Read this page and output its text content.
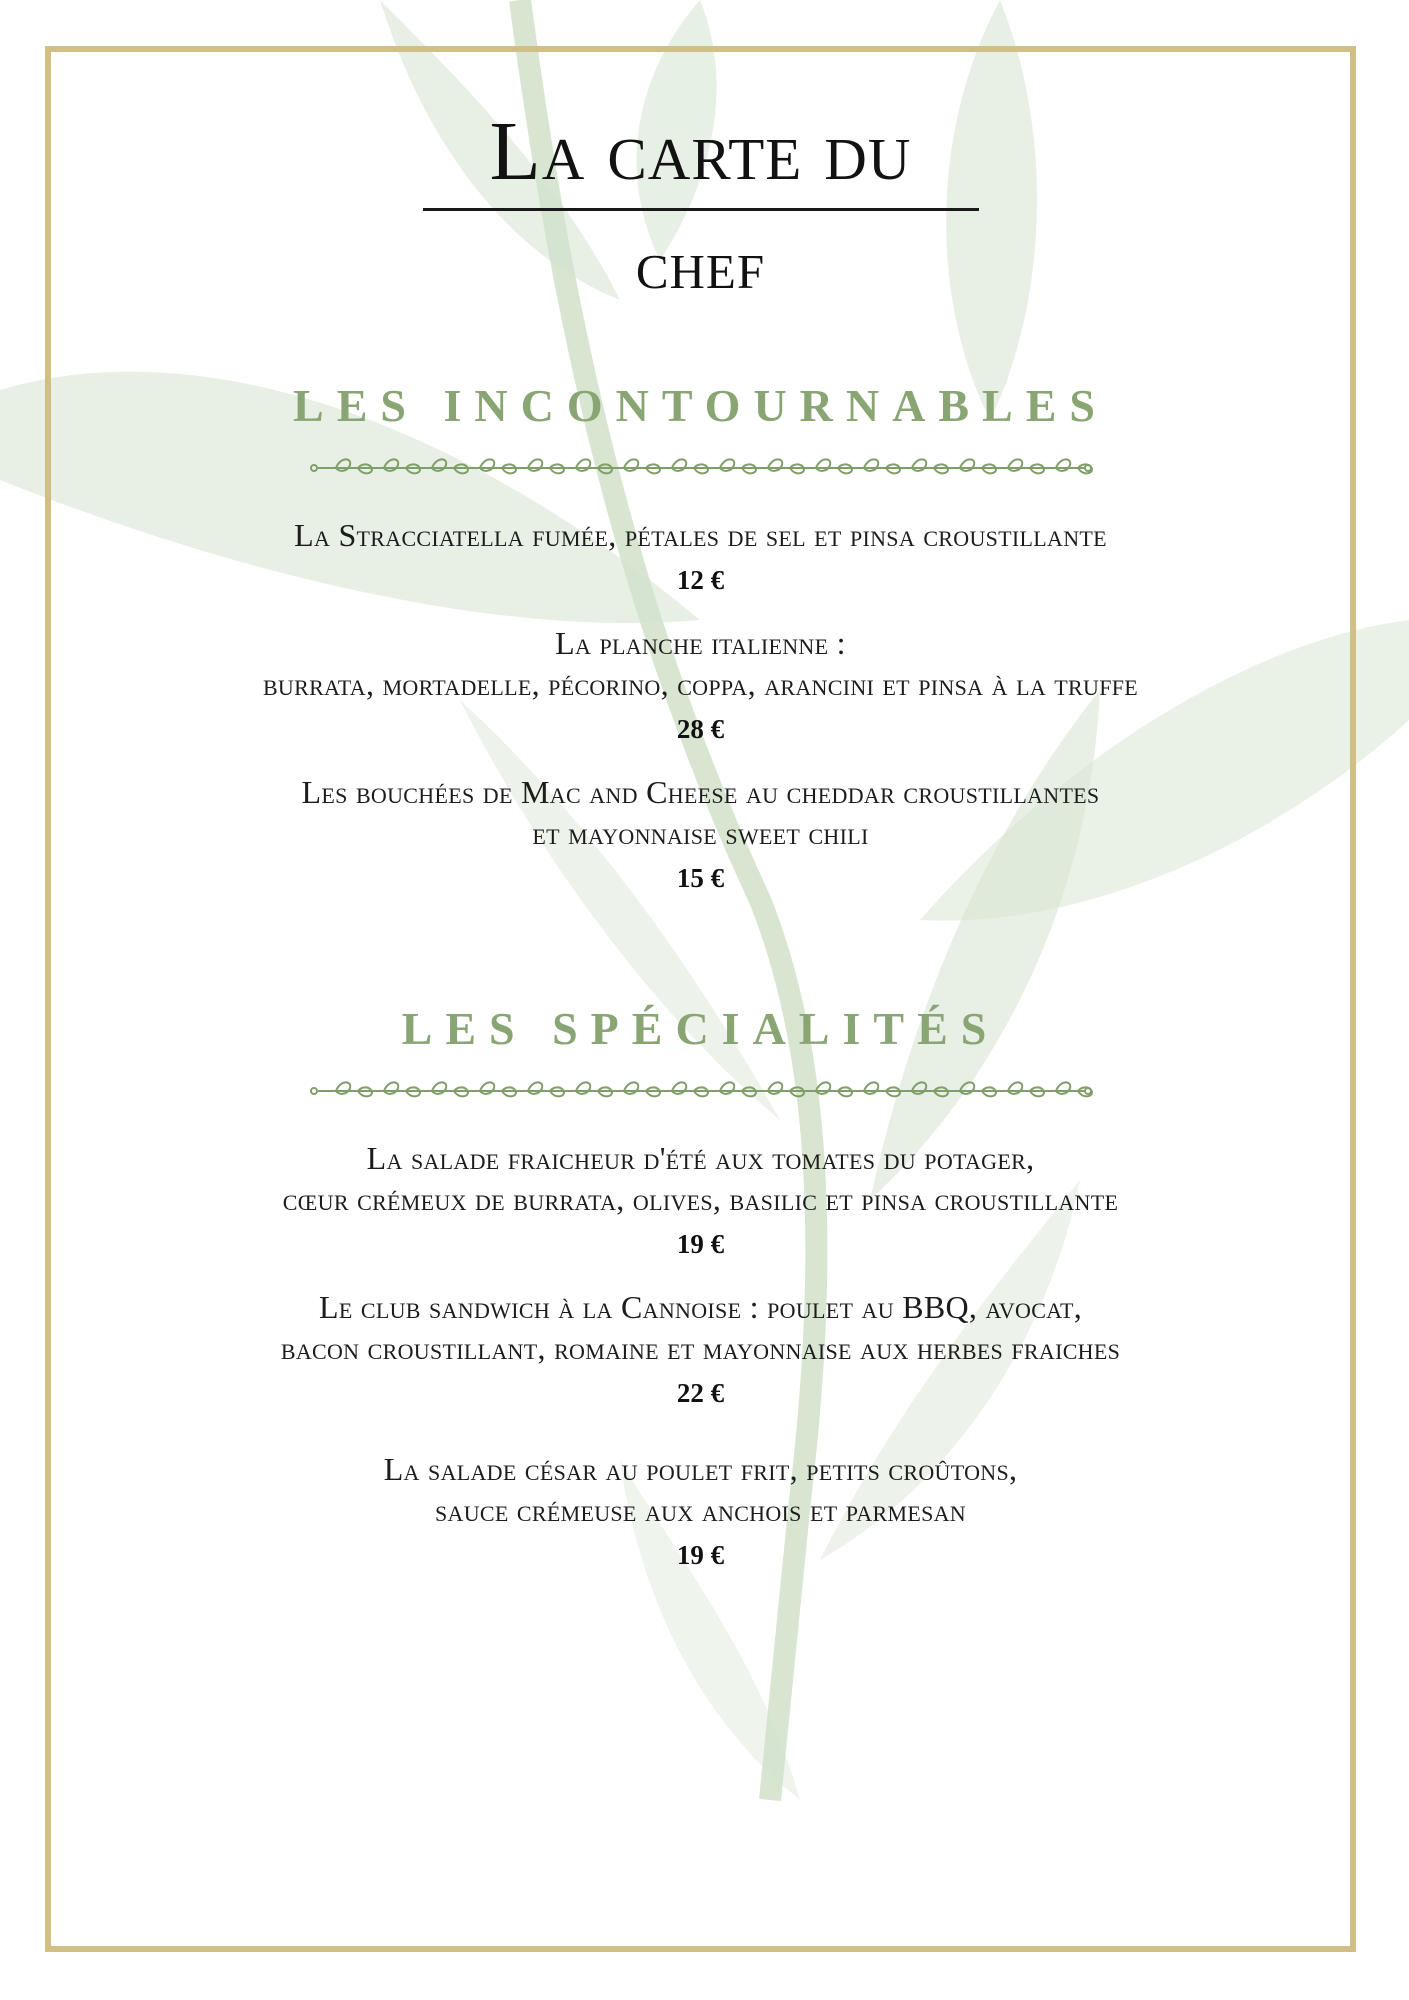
La carte du
chef
LES INCONTOURNABLES
La Stracciatella fumée, pétales de sel et pinsa croustillante
12 €
La planche italienne :
burrata, mortadelle, pécorino, coppa, arancini et pinsa à la truffe
28 €
Les bouchées de Mac and Cheese au cheddar croustillantes
et mayonnaise sweet chili
15 €
LES SPÉCIALITÉS
La salade fraicheur d'été aux tomates du potager,
cœur crémeux de burrata, olives, basilic et pinsa croustillante
19 €
Le club sandwich à la Cannoise : poulet au BBQ, avocat,
bacon croustillant, romaine et mayonnaise aux herbes fraiches
22 €
La salade césar au poulet frit, petits croûtons,
sauce crémeuse aux anchois et parmesan
19 €
